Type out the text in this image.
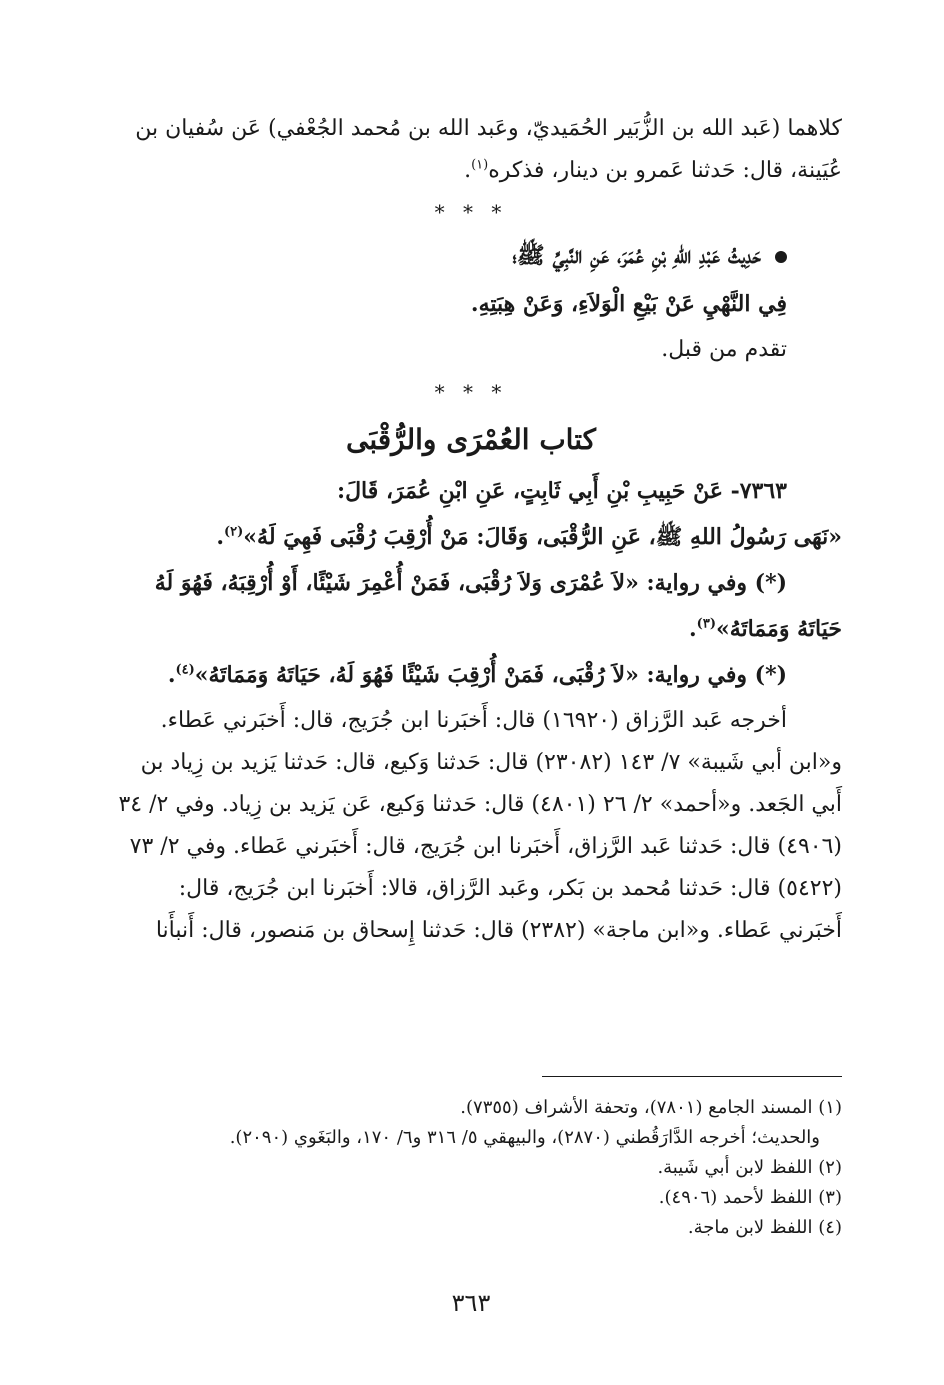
كلاهما (عَبد الله بن الزُّبَير الحُمَيديّ، وعَبد الله بن مُحمد الجُعْفي) عَن سُفيان بن
عُيَينة، قال: حَدثنا عَمرو بن دينار، فذكره$^{(١)}$.

* * *

حَدِيثُ عَبْدِ اللهِ بْنِ عُمَرَ، عَنِ النَّبِيِّ ﷺ؛

فِي النَّهْيِ عَنْ بَيْعِ الْوَلاَءِ، وَعَنْ هِبَتِهِ.

تقدم من قبل.

* * *

كتاب العُمْرَى والرُّقْبَى

٧٣٦٣- عَنْ حَبِيبِ بْنِ أَبِي ثَابِتٍ، عَنِ ابْنِ عُمَرَ، قَالَ:

«نَهَى رَسُولُ اللهِ ﷺ، عَنِ الرُّقْبَى، وَقَالَ: مَنْ أُرْقِبَ رُقْبَى فَهِيَ لَهُ»$^{(٢)}$.

(*) وفي رواية: «لاَ عُمْرَى وَلاَ رُقْبَى، فَمَنْ أُعْمِرَ شَيْئًا، أَوْ أُرْقِبَهُ، فَهُوَ لَهُ

حَيَاتَهُ وَمَمَاتَهُ»$^{(٣)}$.

(*) وفي رواية: «لاَ رُقْبَى، فَمَنْ أُرْقِبَ شَيْئًا فَهُوَ لَهُ، حَيَاتَهُ وَمَمَاتَهُ»$^{(٤)}$.

أخرجه عَبد الرَّزاق (١٦٩٢٠) قال: أَخبَرنا ابن جُرَيج، قال: أَخبَرني عَطاء.

و«ابن أبي شَيبة» ٧/ ١٤٣ (٢٣٠٨٢) قال: حَدثنا وَكيع، قال: حَدثنا يَزيد بن زِياد بن

أَبي الجَعد. و«أحمد» ٢/ ٢٦ (٤٨٠١) قال: حَدثنا وَكيع، عَن يَزيد بن زِياد. وفي ٢/ ٣٤

(٤٩٠٦) قال: حَدثنا عَبد الرَّزاق، أَخبَرنا ابن جُرَيج، قال: أَخبَرني عَطاء. وفي ٢/ ٧٣

(٥٤٢٢) قال: حَدثنا مُحمد بن بَكر، وعَبد الرَّزاق، قالا: أَخبَرنا ابن جُرَيج، قال:

أَخبَرني عَطاء. و«ابن ماجة» (٢٣٨٢) قال: حَدثنا إِسحاق بن مَنصور، قال: أَنبأَنا

(١) المسند الجامع (٧٨٠١)، وتحفة الأشراف (٧٣٥٥).

والحديث؛ أخرجه الدَّارَقُطني (٢٨٧٠)، والبيهقي ٥/ ٣١٦ و٦/ ١٧٠، والبَغَوي (٢٠٩٠).

(٢) اللفظ لابن أبي شَيبة.

(٣) اللفظ لأحمد (٤٩٠٦).

(٤) اللفظ لابن ماجة.

٣٦٣
